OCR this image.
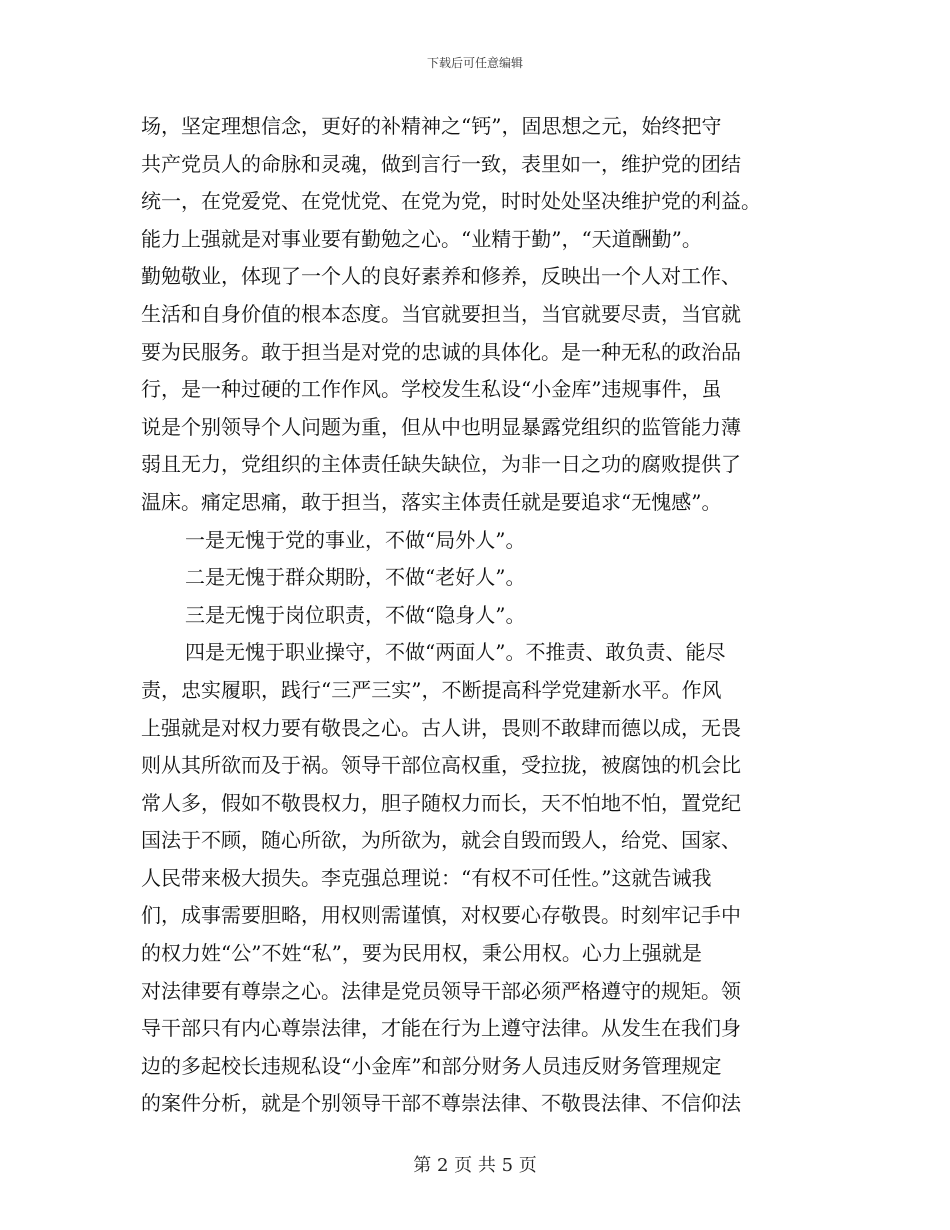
下载后可任意编辑
场，坚定理想信念，更好的补精神之“钙”，固思想之元，始终把守
共产党员人的命脉和灵魂，做到言行一致，表里如一，维护党的团结
统一，在党爱党、在党忧党、在党为党，时时处处坚决维护党的利益。
能力上强就是对事业要有勤勉之心。“业精于勤”，“天道酬勤”。
勤勉敬业，体现了一个人的良好素养和修养，反映出一个人对工作、
生活和自身价值的根本态度。当官就要担当，当官就要尽责，当官就
要为民服务。敢于担当是对党的忠诚的具体化。是一种无私的政治品
行，是一种过硬的工作作风。学校发生私设“小金库”违规事件，虽
说是个别领导个人问题为重，但从中也明显暴露党组织的监管能力薄
弱且无力，党组织的主体责任缺失缺位，为非一日之功的腐败提供了
温床。痛定思痛，敢于担当，落实主体责任就是要追求“无愧感”。
一是无愧于党的事业，不做“局外人”。
二是无愧于群众期盼，不做“老好人”。
三是无愧于岗位职责，不做“隐身人”。
四是无愧于职业操守，不做“两面人”。不推责、敢负责、能尽
责，忠实履职，践行“三严三实”，不断提高科学党建新水平。作风
上强就是对权力要有敬畏之心。古人讲，畏则不敢肆而德以成，无畏
则从其所欲而及于祸。领导干部位高权重，受拉拢，被腐蚀的机会比
常人多，假如不敬畏权力，胆子随权力而长，天不怕地不怕，置党纪
国法于不顾，随心所欲，为所欲为，就会自毁而毁人，给党、国家、
人民带来极大损失。李克强总理说：“有权不可任性。”这就告诫我
们，成事需要胆略，用权则需谨慎，对权要心存敬畏。时刻牢记手中
的权力姓“公”不姓“私”，要为民用权，秉公用权。心力上强就是
对法律要有尊崇之心。法律是党员领导干部必须严格遵守的规矩。领
导干部只有内心尊崇法律，才能在行为上遵守法律。从发生在我们身
边的多起校长违规私设“小金库”和部分财务人员违反财务管理规定
的案件分析，就是个别领导干部不尊崇法律、不敬畏法律、不信仰法
第 2 页 共 5 页
